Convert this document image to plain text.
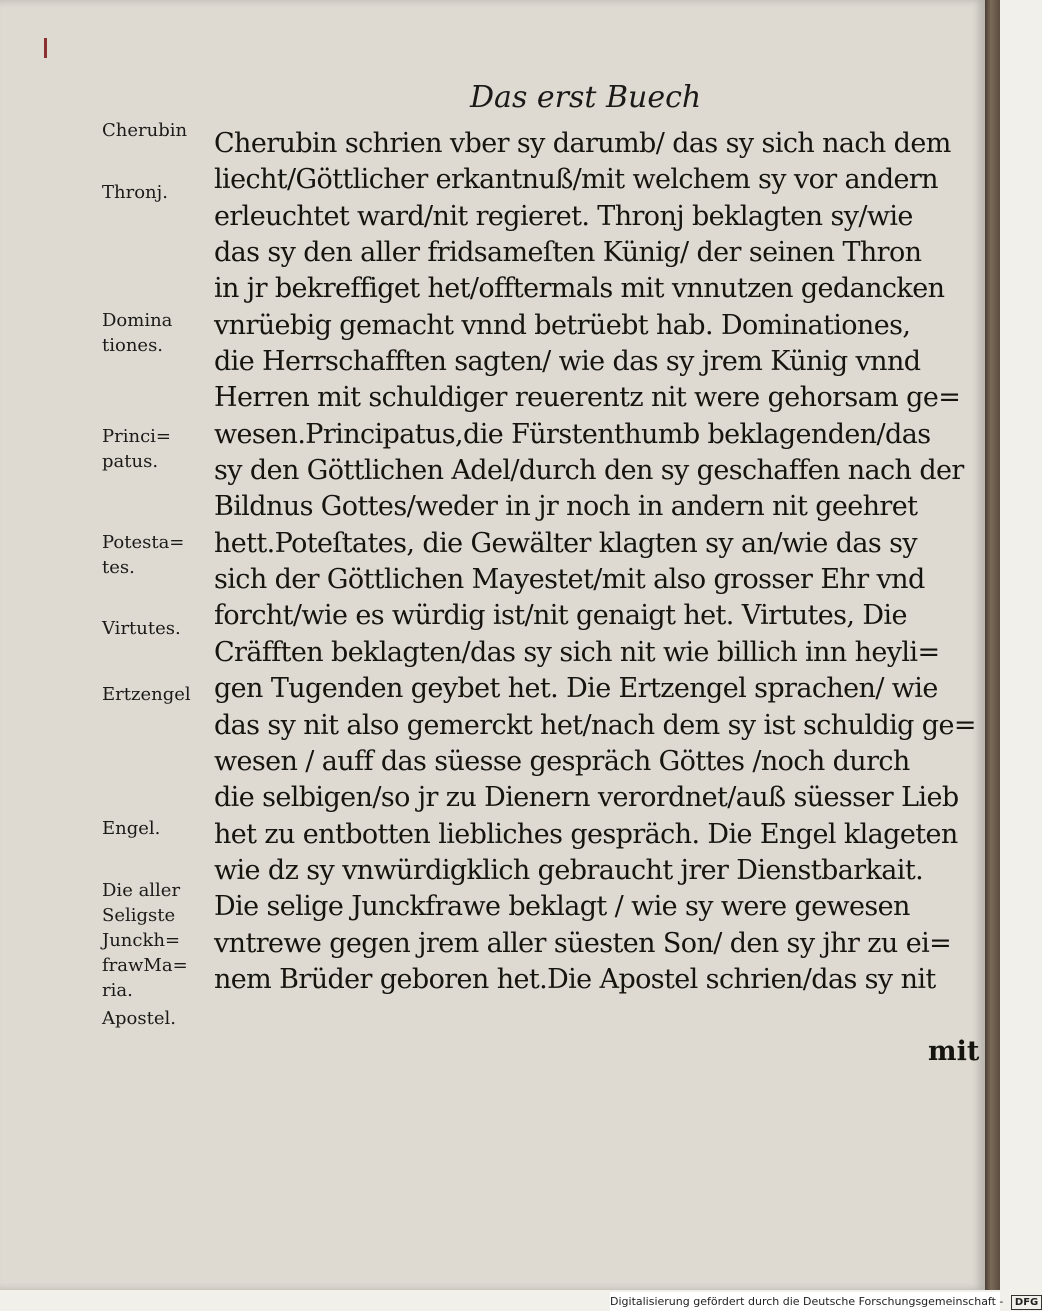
Das erst Buech
Cherubin schrien vber sy darumb/ das sy sich nach dem
liecht/Göttlicher erkantnuß/mit welchem sy vor andern
erleuchtet ward/nit regieret. Thronj beklagten sy/wie
das sy den aller fridsameſten Künig/ der seinen Thron
in jr bekreffiget het/offtermals mit vnnutzen gedancken
vnrüebig gemacht vnnd betrüebt hab. Dominationes,
die Herrschafften sagten/ wie das sy jrem Künig vnnd
Herren mit schuldiger reuerentz nit were gehorsam ge=
wesen.Principatus,die Fürstenthumb beklagenden/das
sy den Göttlichen Adel/durch den sy geschaffen nach der
Bildnus Gottes/weder in jr noch in andern nit geehret
hett.Poteſtates, die Gewälter klagten sy an/wie das sy
sich der Göttlichen Mayestet/mit also grosser Ehr vnd
forcht/wie es würdig ist/nit genaigt het. Virtutes, Die
Cräfften beklagten/das sy sich nit wie billich inn heyli=
gen Tugenden geybet het. Die Ertzengel sprachen/ wie
das sy nit also gemerckt het/nach dem sy ist schuldig ge=
wesen / auff das süesse gespräch Göttes /noch durch
die selbigen/so jr zu Dienern verordnet/auß süesser Lieb
het zu entbotten liebliches gespräch. Die Engel klageten
wie dz sy vnwürdigklich gebraucht jrer Dienstbarkait.
Die selige Junckfrawe beklagt / wie sy were gewesen
vntrewe gegen jrem aller süesten Son/ den sy jhr zu ei=
nem Brüder geboren het.Die Apostel schrien/das sy nit
mit
Cherubin
Thronj.
Domina
tiones.
Princi=
patus.
Potesta=
tes.
Virtutes.
Ertzengel
Engel.
Die aller
Seligste
Junckh=
frawMa=
ria.
Apostel.
Digitalisierung gefördert durch die Deutsche Forschungsgemeinschaft - DFG
